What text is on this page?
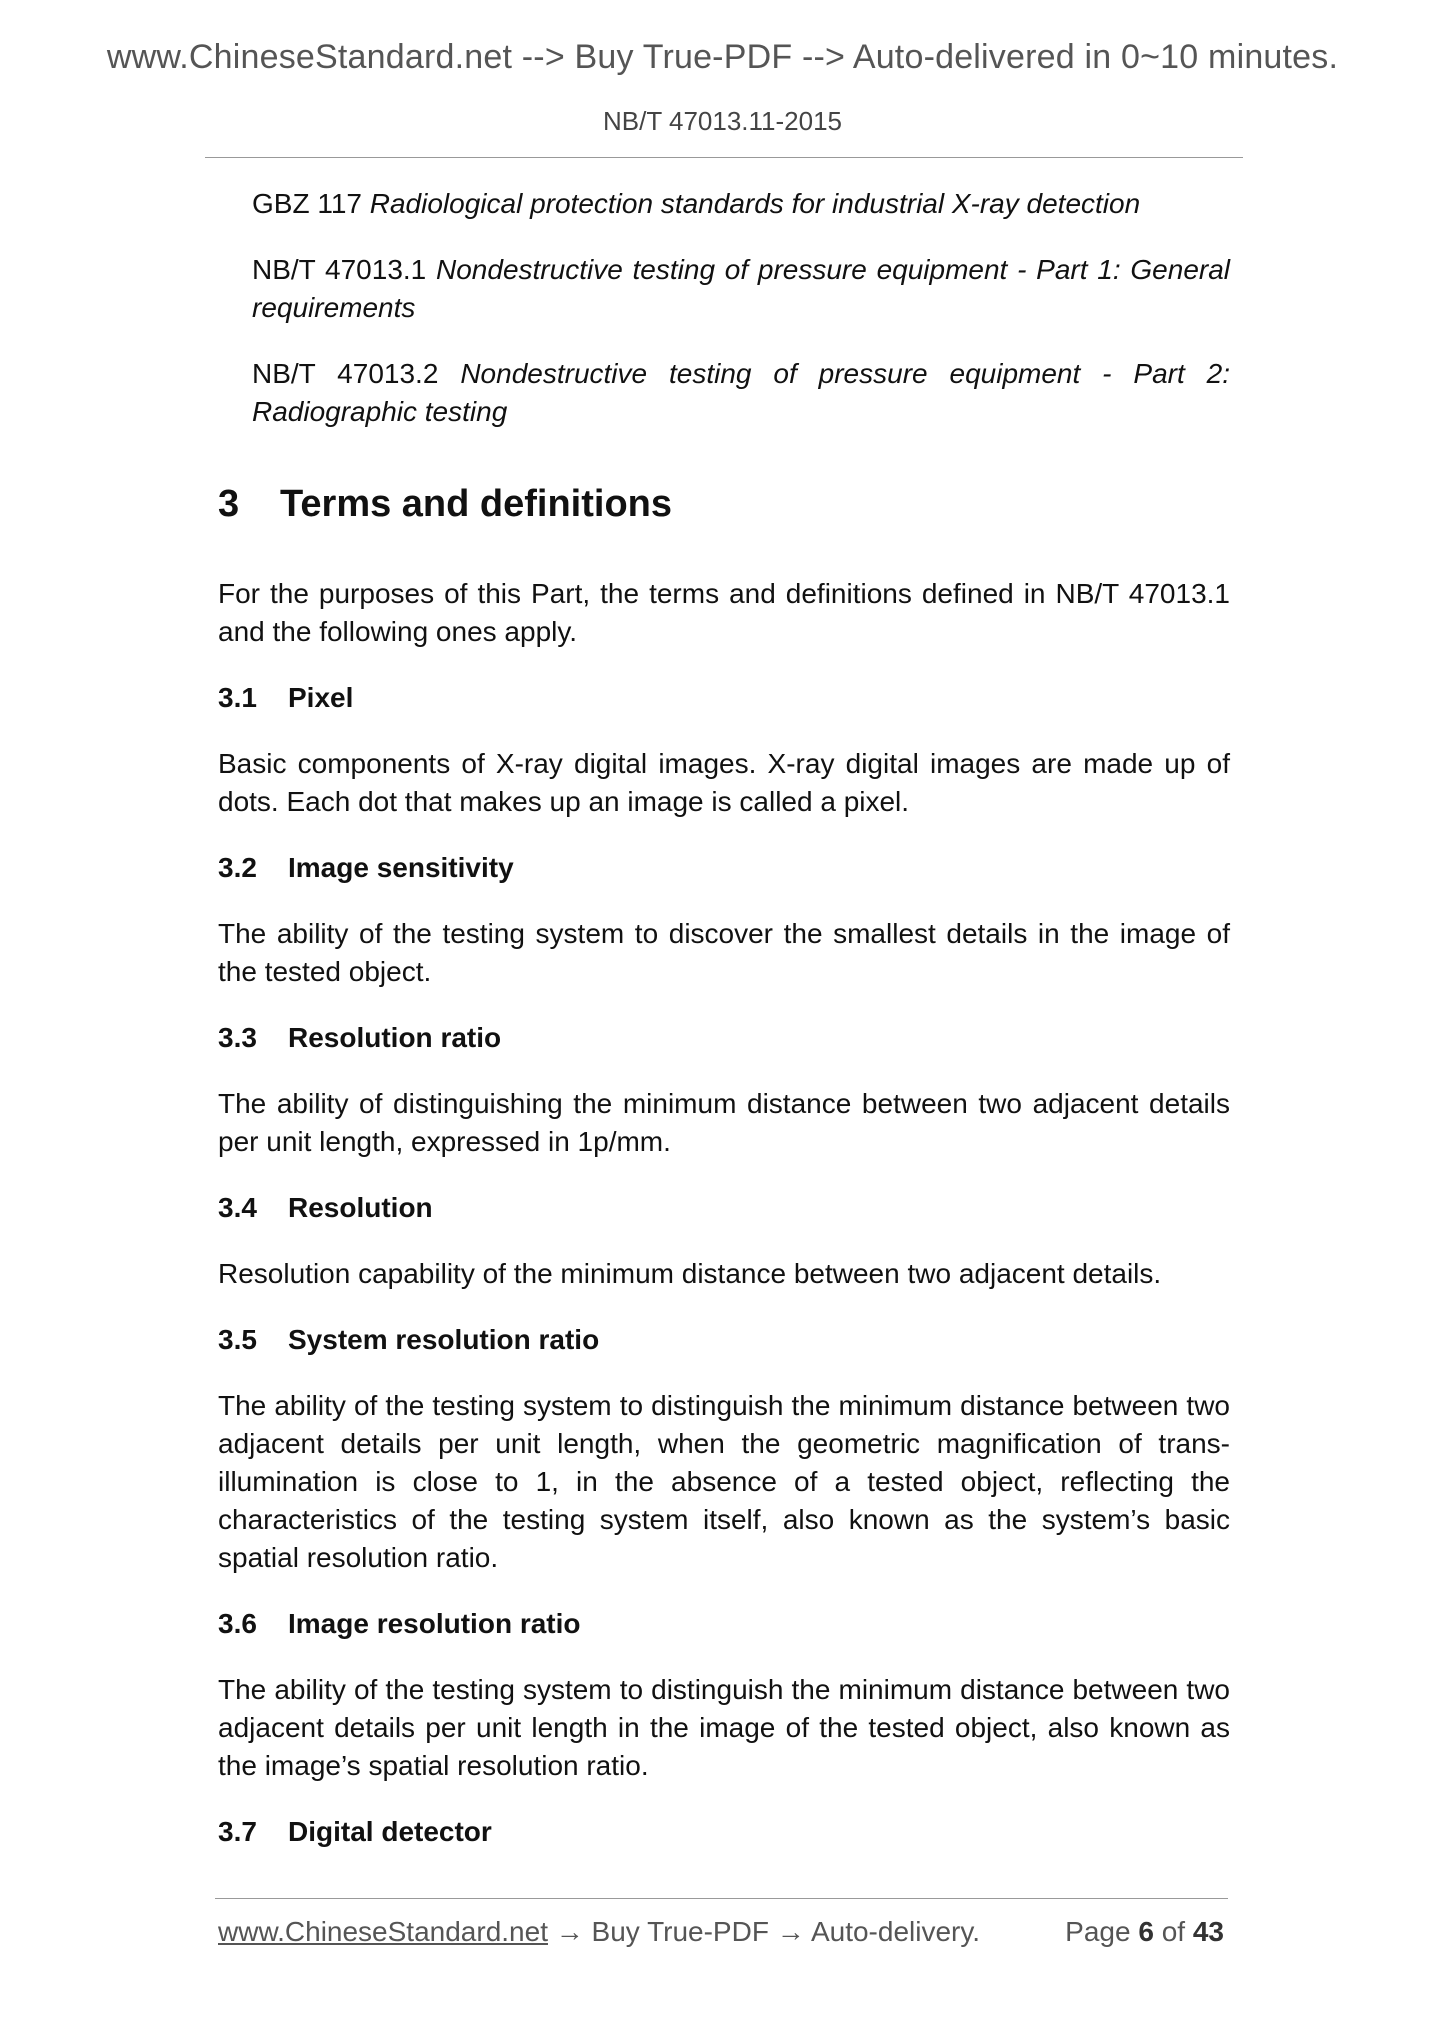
www.ChineseStandard.net --> Buy True-PDF --> Auto-delivered in 0~10 minutes.
NB/T 47013.11-2015

GBZ 117 Radiological protection standards for industrial X-ray detection

NB/T 47013.1 Nondestructive testing of pressure equipment - Part 1: General requirements

NB/T 47013.2 Nondestructive testing of pressure equipment - Part 2: Radiographic testing

3 Terms and definitions

For the purposes of this Part, the terms and definitions defined in NB/T 47013.1 and the following ones apply.

3.1 Pixel

Basic components of X-ray digital images. X-ray digital images are made up of dots. Each dot that makes up an image is called a pixel.

3.2 Image sensitivity

The ability of the testing system to discover the smallest details in the image of the tested object.

3.3 Resolution ratio

The ability of distinguishing the minimum distance between two adjacent details per unit length, expressed in 1p/mm.

3.4 Resolution

Resolution capability of the minimum distance between two adjacent details.

3.5 System resolution ratio

The ability of the testing system to distinguish the minimum distance between two adjacent details per unit length, when the geometric magnification of trans-illumination is close to 1, in the absence of a tested object, reflecting the characteristics of the testing system itself, also known as the system’s basic spatial resolution ratio.

3.6 Image resolution ratio

The ability of the testing system to distinguish the minimum distance between two adjacent details per unit length in the image of the tested object, also known as the image’s spatial resolution ratio.

3.7 Digital detector
www.ChineseStandard.net → Buy True-PDF → Auto-delivery.	Page 6 of 43
